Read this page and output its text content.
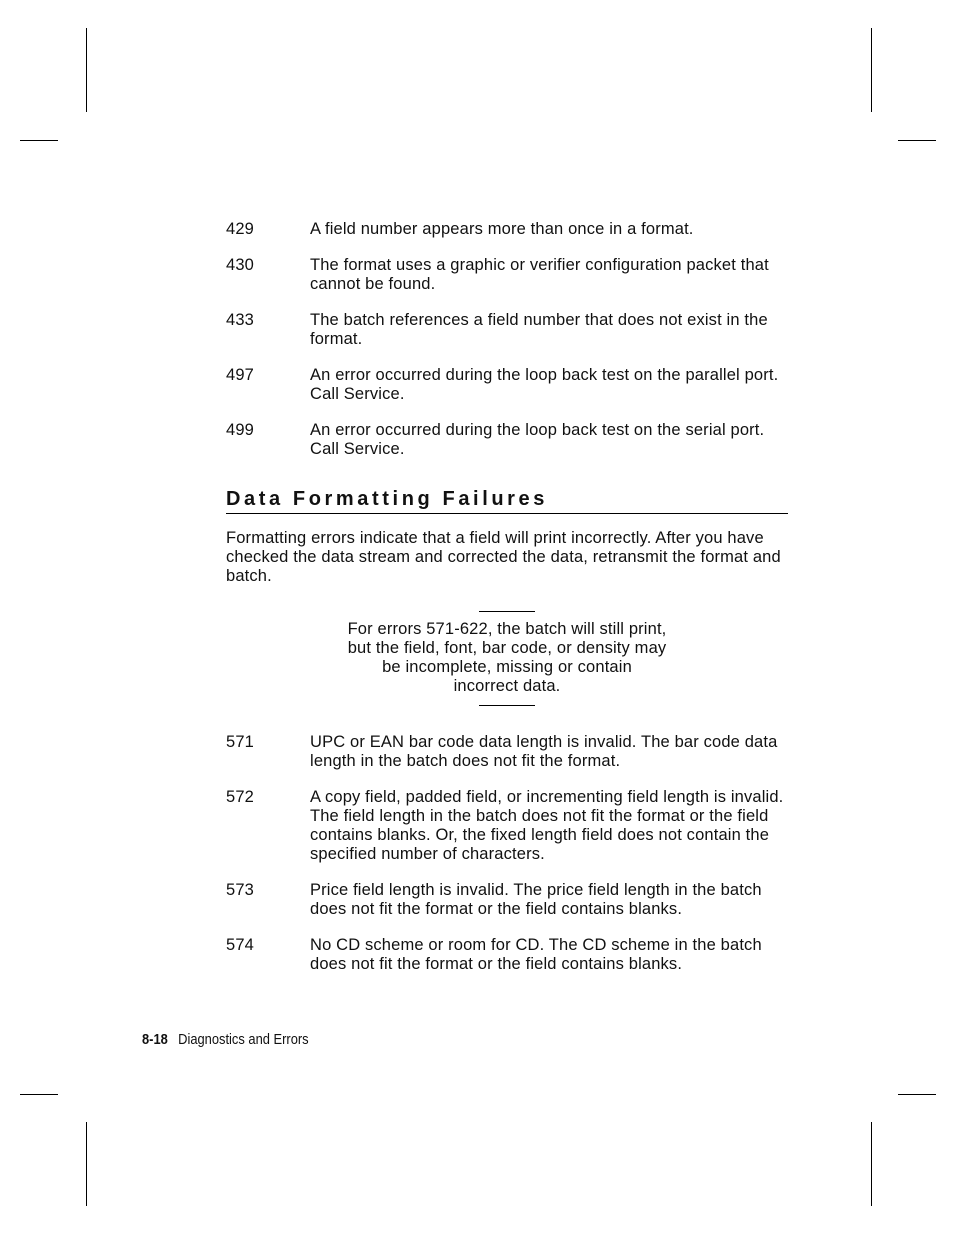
429	A field number appears more than once in a format.
430	The format uses a graphic or verifier configuration packet that cannot be found.
433	The batch references a field number that does not exist in the format.
497	An error occurred during the loop back test on the parallel port. Call Service.
499	An error occurred during the loop back test on the serial port. Call Service.
Data Formatting Failures

Formatting errors indicate that a field will print incorrectly. After you have checked the data stream and corrected the data, retransmit the format and batch.

For errors 571-622, the batch will still print,
but the field, font, bar code, or density may
be incomplete, missing or contain
incorrect data.
571	UPC or EAN bar code data length is invalid. The bar code data length in the batch does not fit the format.
572	A copy field, padded field, or incrementing field length is invalid. The field length in the batch does not fit the format or the field contains blanks. Or, the fixed length field does not contain the specified number of characters.
573	Price field length is invalid. The price field length in the batch does not fit the format or the field contains blanks.
574	No CD scheme or room for CD. The CD scheme in the batch does not fit the format or the field contains blanks.
8-18 Diagnostics and Errors
